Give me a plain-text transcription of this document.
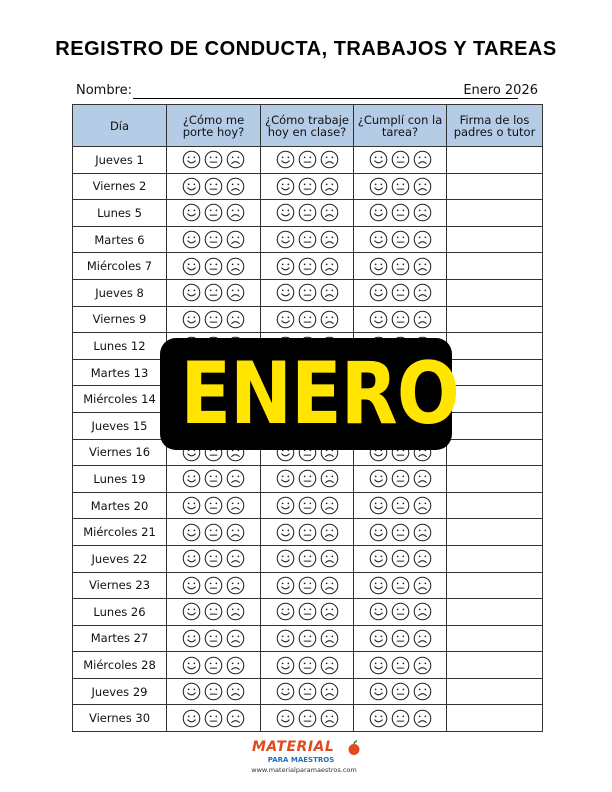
REGISTRO DE CONDUCTA, TRABAJOS Y TAREAS
Nombre:	Enero 2026
Día	¿Cómo me porte hoy?	¿Cómo trabaje hoy en clase?	¿Cumplí con la tarea?	Firma de los padres o tutor
Jueves 1				
Viernes 2				
Lunes 5				
Martes 6				
Miércoles 7				
Jueves 8				
Viernes 9				
Lunes 12				
Martes 13				
Miércoles 14				
Jueves 15				
Viernes 16				
Lunes 19				
Martes 20				
Miércoles 21				
Jueves 22				
Viernes 23				
Lunes 26				
Martes 27				
Miércoles 28				
Jueves 29				
Viernes 30				
ENERO
MATERIAL
PARA MAESTROS
www.materialparamaestros.com
